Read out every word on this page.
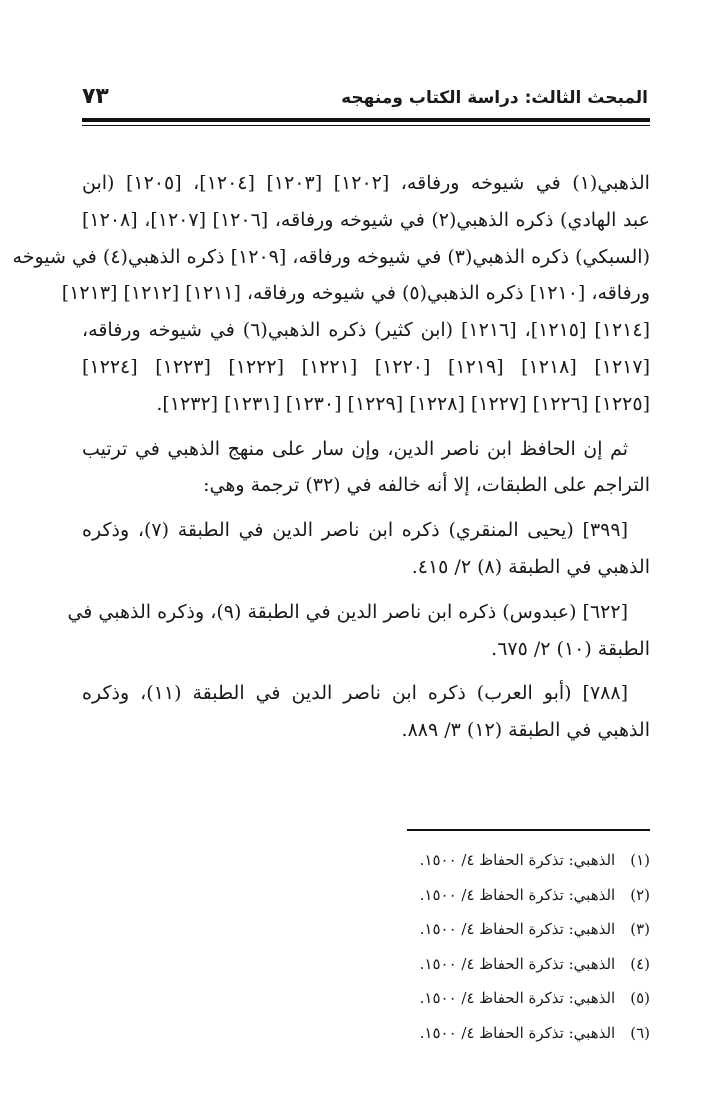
المبحث الثالث: دراسة الكتاب ومنهجه
٧٣

الذهبي(١) في شيوخه ورفاقه، [١٢٠٢] [١٢٠٣] [١٢٠٤]، [١٢٠٥] (ابن
عبد الهادي) ذكره الذهبي(٢) في شيوخه ورفاقه، [١٢٠٦] [١٢٠٧]، [١٢٠٨]
(السبكي) ذكره الذهبي(٣) في شيوخه ورفاقه، [١٢٠٩] ذكره الذهبي(٤) في شيوخه
ورفاقه، [١٢١٠] ذكره الذهبي(٥) في شيوخه ورفاقه، [١٢١١] [١٢١٢] [١٢١٣]
[١٢١٤] [١٢١٥]، [١٢١٦] (ابن كثير) ذكره الذهبي(٦) في شيوخه ورفاقه،
[١٢١٧] [١٢١٨] [١٢١٩] [١٢٢٠] [١٢٢١] [١٢٢٢] [١٢٢٣] [١٢٢٤]
[١٢٢٥] [١٢٢٦] [١٢٢٧] [١٢٢٨] [١٢٢٩] [١٢٣٠] [١٢٣١] [١٢٣٢].

ثم إن الحافظ ابن ناصر الدين، وإن سار على منهج الذهبي في ترتيب
التراجم على الطبقات، إلا أنه خالفه في (٣٢) ترجمة وهي:

[٣٩٩] (يحيى المنقري) ذكره ابن ناصر الدين في الطبقة (٧)، وذكره
الذهبي في الطبقة (٨) ٢/ ٤١٥.

[٦٢٢] (عبدوس) ذكره ابن ناصر الدين في الطبقة (٩)، وذكره الذهبي في
الطبقة (١٠) ٢/ ٦٧٥.

[٧٨٨] (أبو العرب) ذكره ابن ناصر الدين في الطبقة (١١)، وذكره
الذهبي في الطبقة (١٢) ٣/ ٨٨٩.

(١) الذهبي: تذكرة الحفاظ ٤/ ١٥٠٠.
(٢) الذهبي: تذكرة الحفاظ ٤/ ١٥٠٠.
(٣) الذهبي: تذكرة الحفاظ ٤/ ١٥٠٠.
(٤) الذهبي: تذكرة الحفاظ ٤/ ١٥٠٠.
(٥) الذهبي: تذكرة الحفاظ ٤/ ١٥٠٠.
(٦) الذهبي: تذكرة الحفاظ ٤/ ١٥٠٠.
